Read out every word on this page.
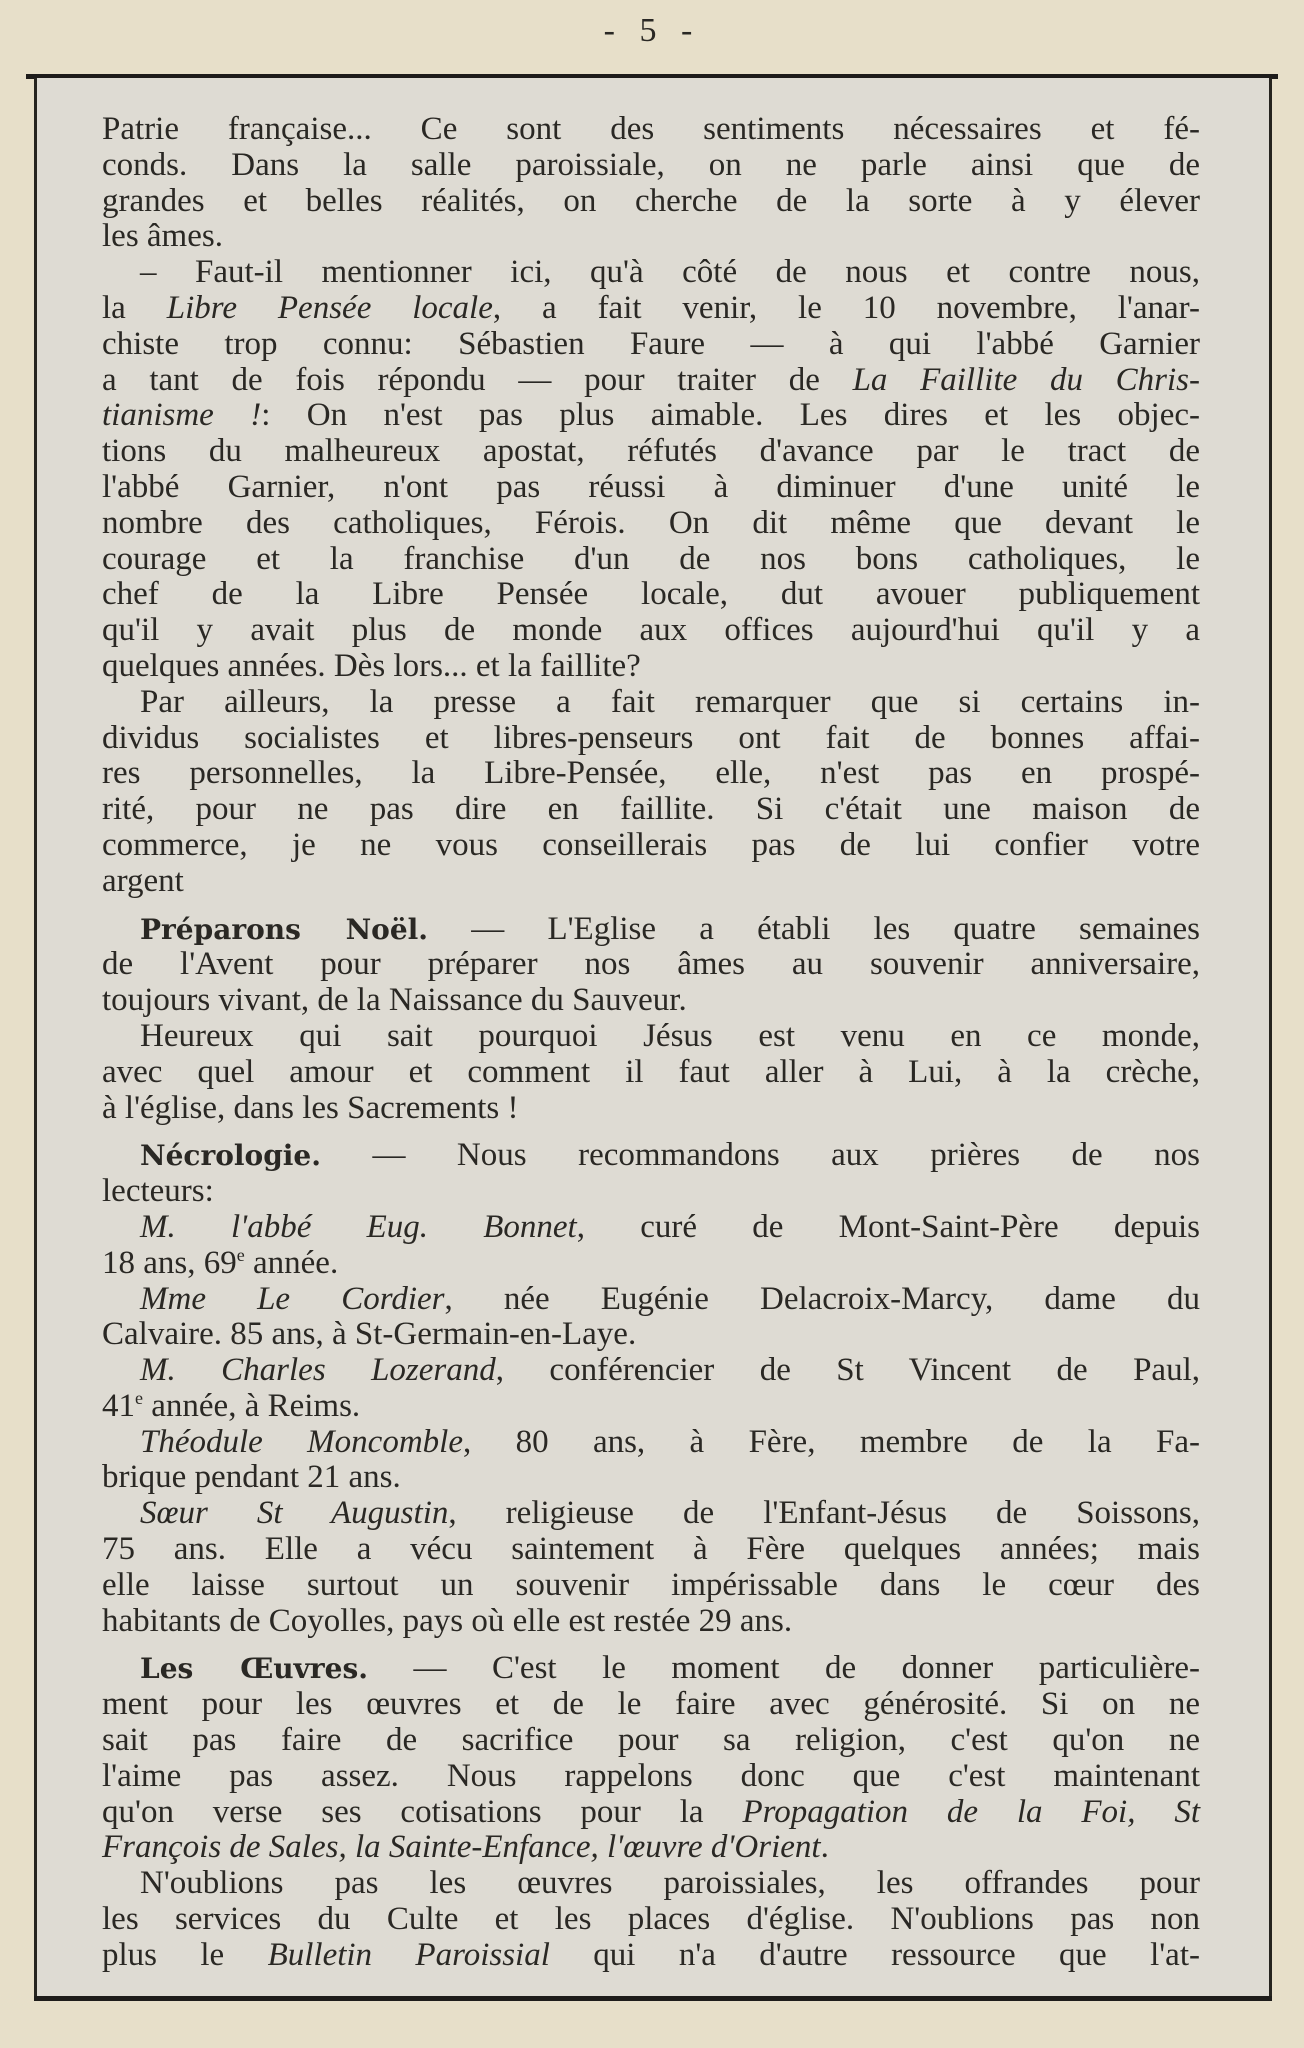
- 5 -
Patrie française... Ce sont des sentiments nécessaires et fé-
conds. Dans la salle paroissiale, on ne parle ainsi que de
grandes et belles réalités, on cherche de la sorte à y élever
les âmes.
– Faut-il mentionner ici, qu'à côté de nous et contre nous,
la Libre Pensée locale, a fait venir, le 10 novembre, l'anar-
chiste trop connu: Sébastien Faure — à qui l'abbé Garnier
a tant de fois répondu — pour traiter de La Faillite du Chris-
tianisme !: On n'est pas plus aimable. Les dires et les objec-
tions du malheureux apostat, réfutés d'avance par le tract de
l'abbé Garnier, n'ont pas réussi à diminuer d'une unité le
nombre des catholiques, Férois. On dit même que devant le
courage et la franchise d'un de nos bons catholiques, le
chef de la Libre Pensée locale, dut avouer publiquement
qu'il y avait plus de monde aux offices aujourd'hui qu'il y a
quelques années. Dès lors... et la faillite?
Par ailleurs, la presse a fait remarquer que si certains in-
dividus socialistes et libres-penseurs ont fait de bonnes affai-
res personnelles, la Libre-Pensée, elle, n'est pas en prospé-
rité, pour ne pas dire en faillite. Si c'était une maison de
commerce, je ne vous conseillerais pas de lui confier votre
argent
Préparons Noël. — L'Eglise a établi les quatre semaines
de l'Avent pour préparer nos âmes au souvenir anniversaire,
toujours vivant, de la Naissance du Sauveur.
Heureux qui sait pourquoi Jésus est venu en ce monde,
avec quel amour et comment il faut aller à Lui, à la crèche,
à l'église, dans les Sacrements !
Nécrologie. — Nous recommandons aux prières de nos
lecteurs:
M. l'abbé Eug. Bonnet, curé de Mont-Saint-Père depuis
18 ans, 69e année.
Mme Le Cordier, née Eugénie Delacroix-Marcy, dame du
Calvaire. 85 ans, à St-Germain-en-Laye.
M. Charles Lozerand, conférencier de St Vincent de Paul,
41e année, à Reims.
Théodule Moncomble, 80 ans, à Fère, membre de la Fa-
brique pendant 21 ans.
Sœur St Augustin, religieuse de l'Enfant-Jésus de Soissons,
75 ans. Elle a vécu saintement à Fère quelques années; mais
elle laisse surtout un souvenir impérissable dans le cœur des
habitants de Coyolles, pays où elle est restée 29 ans.
Les Œuvres. — C'est le moment de donner particulière-
ment pour les œuvres et de le faire avec générosité. Si on ne
sait pas faire de sacrifice pour sa religion, c'est qu'on ne
l'aime pas assez. Nous rappelons donc que c'est maintenant
qu'on verse ses cotisations pour la Propagation de la Foi, St
François de Sales, la Sainte-Enfance, l'œuvre d'Orient.
N'oublions pas les œuvres paroissiales, les offrandes pour
les services du Culte et les places d'église. N'oublions pas non
plus le Bulletin Paroissial qui n'a d'autre ressource que l'at-
